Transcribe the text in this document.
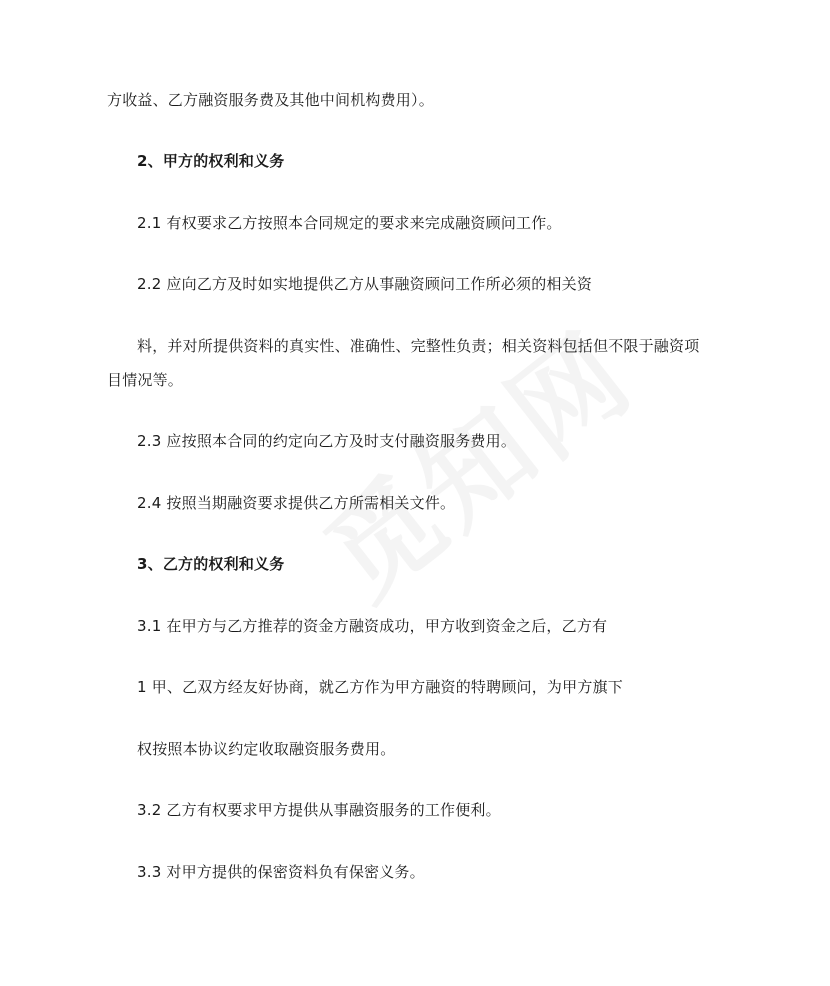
方收益、乙方融资服务费及其他中间机构费用）。
2、甲方的权利和义务
2.1 有权要求乙方按照本合同规定的要求来完成融资顾问工作。
2.2 应向乙方及时如实地提供乙方从事融资顾问工作所必须的相关资
料，并对所提供资料的真实性、准确性、完整性负责；相关资料包括但不限于融资项
目情况等。
2.3 应按照本合同的约定向乙方及时支付融资服务费用。
2.4 按照当期融资要求提供乙方所需相关文件。
3、乙方的权利和义务
3.1 在甲方与乙方推荐的资金方融资成功，甲方收到资金之后，乙方有
1 甲、乙双方经友好协商，就乙方作为甲方融资的特聘顾问，为甲方旗下
权按照本协议约定收取融资服务费用。
3.2 乙方有权要求甲方提供从事融资服务的工作便利。
3.3 对甲方提供的保密资料负有保密义务。
